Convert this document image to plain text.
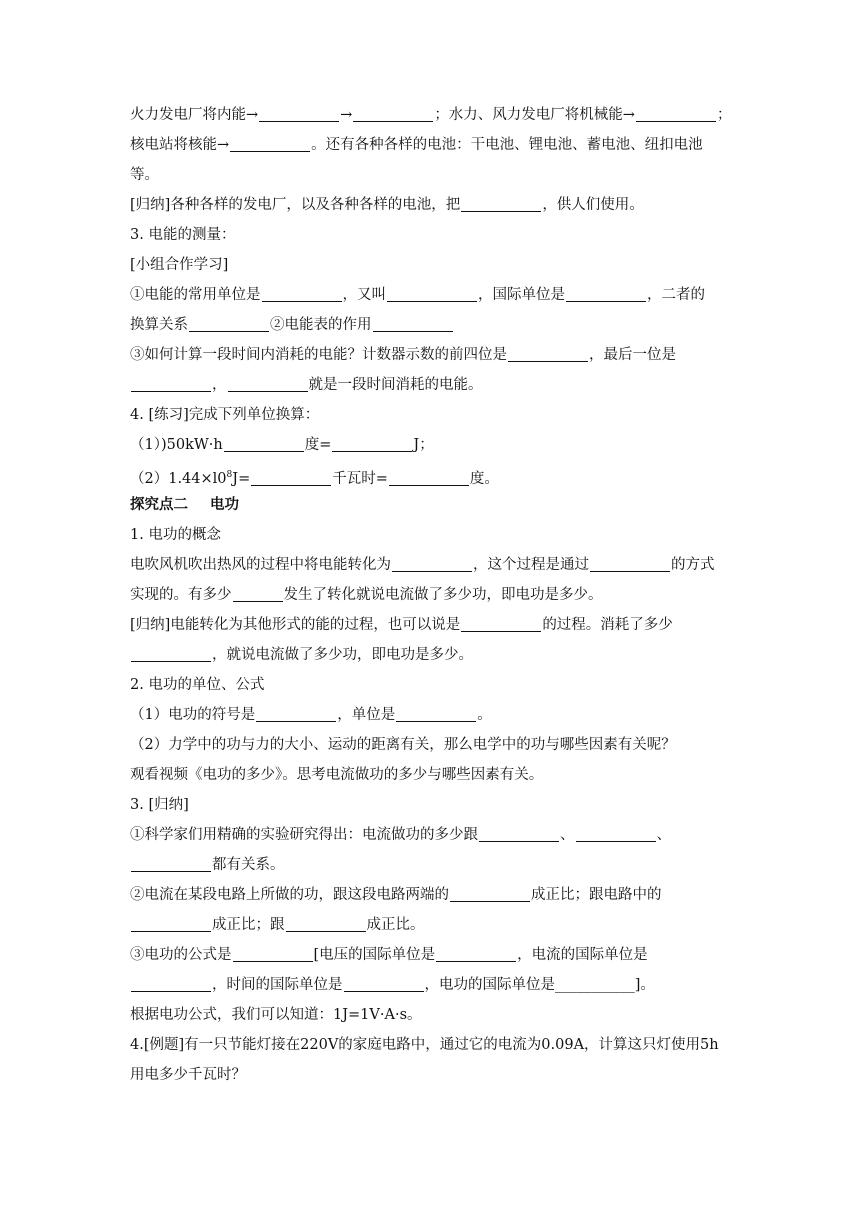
火力发电厂将内能→	→	；水力、风力发电厂将机械能→	；
核电站将核能→	。还有各种各样的电池：干电池、锂电池、蓄电池、纽扣电池
等。
[归纳]各种各样的发电厂，以及各种各样的电池，把	，供人们使用。
3. 电能的测量：
[小组合作学习]
①电能的常用单位是	，又叫	，国际单位是	，二者的
换算关系	②电能表的作用
③如何计算一段时间内消耗的电能？计数器示数的前四位是	，最后一位是
，	就是一段时间消耗的电能。
4. [练习]完成下列单位换算：
（1）)50kW·h	度=	J；
$(2)1.44\times l0^8J=$	千瓦时=	度。
探究点二 电功
1. 电功的概念
电吹风机吹出热风的过程中将电能转化为	，这个过程是通过	的方式
实现的。有多少	发生了转化就说电流做了多少功，即电功是多少。
[归纳]电能转化为其他形式的能的过程，也可以说是	的过程。消耗了多少
，就说电流做了多少功，即电功是多少。
2. 电功的单位、公式
（1）电功的符号是	，单位是	。
（2）力学中的功与力的大小、运动的距离有关，那么电学中的功与哪些因素有关呢？
观看视频《电功的多少》。思考电流做功的多少与哪些因素有关。
3. [归纳]
①科学家们用精确的实验研究得出：电流做功的多少跟	、	、
都有关系。
②电流在某段电路上所做的功，跟这段电路两端的	成正比；跟电路中的
成正比；跟	成正比。
③电功的公式是	[电压的国际单位是	，电流的国际单位是
，时间的国际单位是	，电功的国际单位是___________]。
根据电功公式，我们可以知道：1J=1V·A·s。
4.[例题]有一只节能灯接在220V的家庭电路中，通过它的电流为0.09A，计算这只灯使用5h
用电多少千瓦时？
